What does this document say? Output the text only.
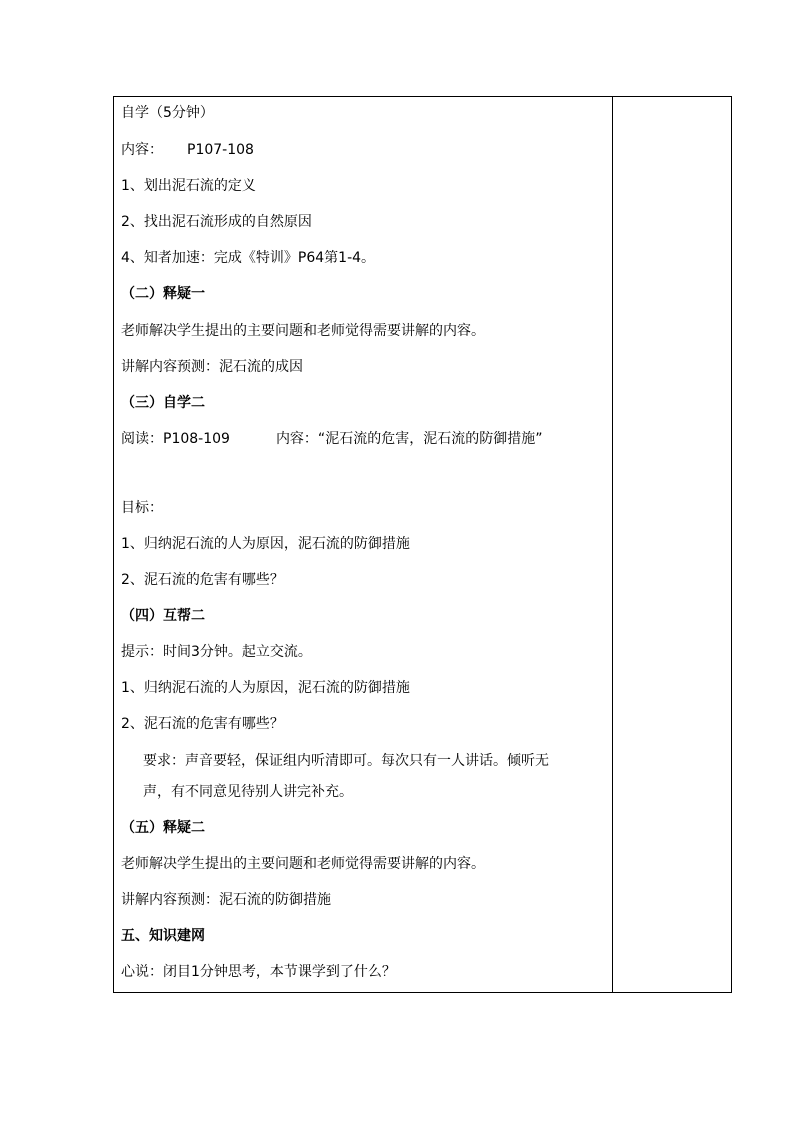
自学（5分钟）
内容： P107-108
1、划出泥石流的定义
2、找出泥石流形成的自然原因
4、知者加速：完成《特训》P64第1-4。
（二）释疑一
老师解决学生提出的主要问题和老师觉得需要讲解的内容。
讲解内容预测：泥石流的成因
（三）自学二
阅读：P108-109	内容：“泥石流的危害，泥石流的防御措施”
目标：
1、归纳泥石流的人为原因，泥石流的防御措施
2、泥石流的危害有哪些？
（四）互帮二
提示：时间3分钟。起立交流。
1、归纳泥石流的人为原因，泥石流的防御措施
2、泥石流的危害有哪些？
要求：声音要轻，保证组内听清即可。每次只有一人讲话。倾听无
声，有不同意见待别人讲完补充。
（五）释疑二
老师解决学生提出的主要问题和老师觉得需要讲解的内容。
讲解内容预测：泥石流的防御措施
五、知识建网
心说：闭目1分钟思考，本节课学到了什么？
